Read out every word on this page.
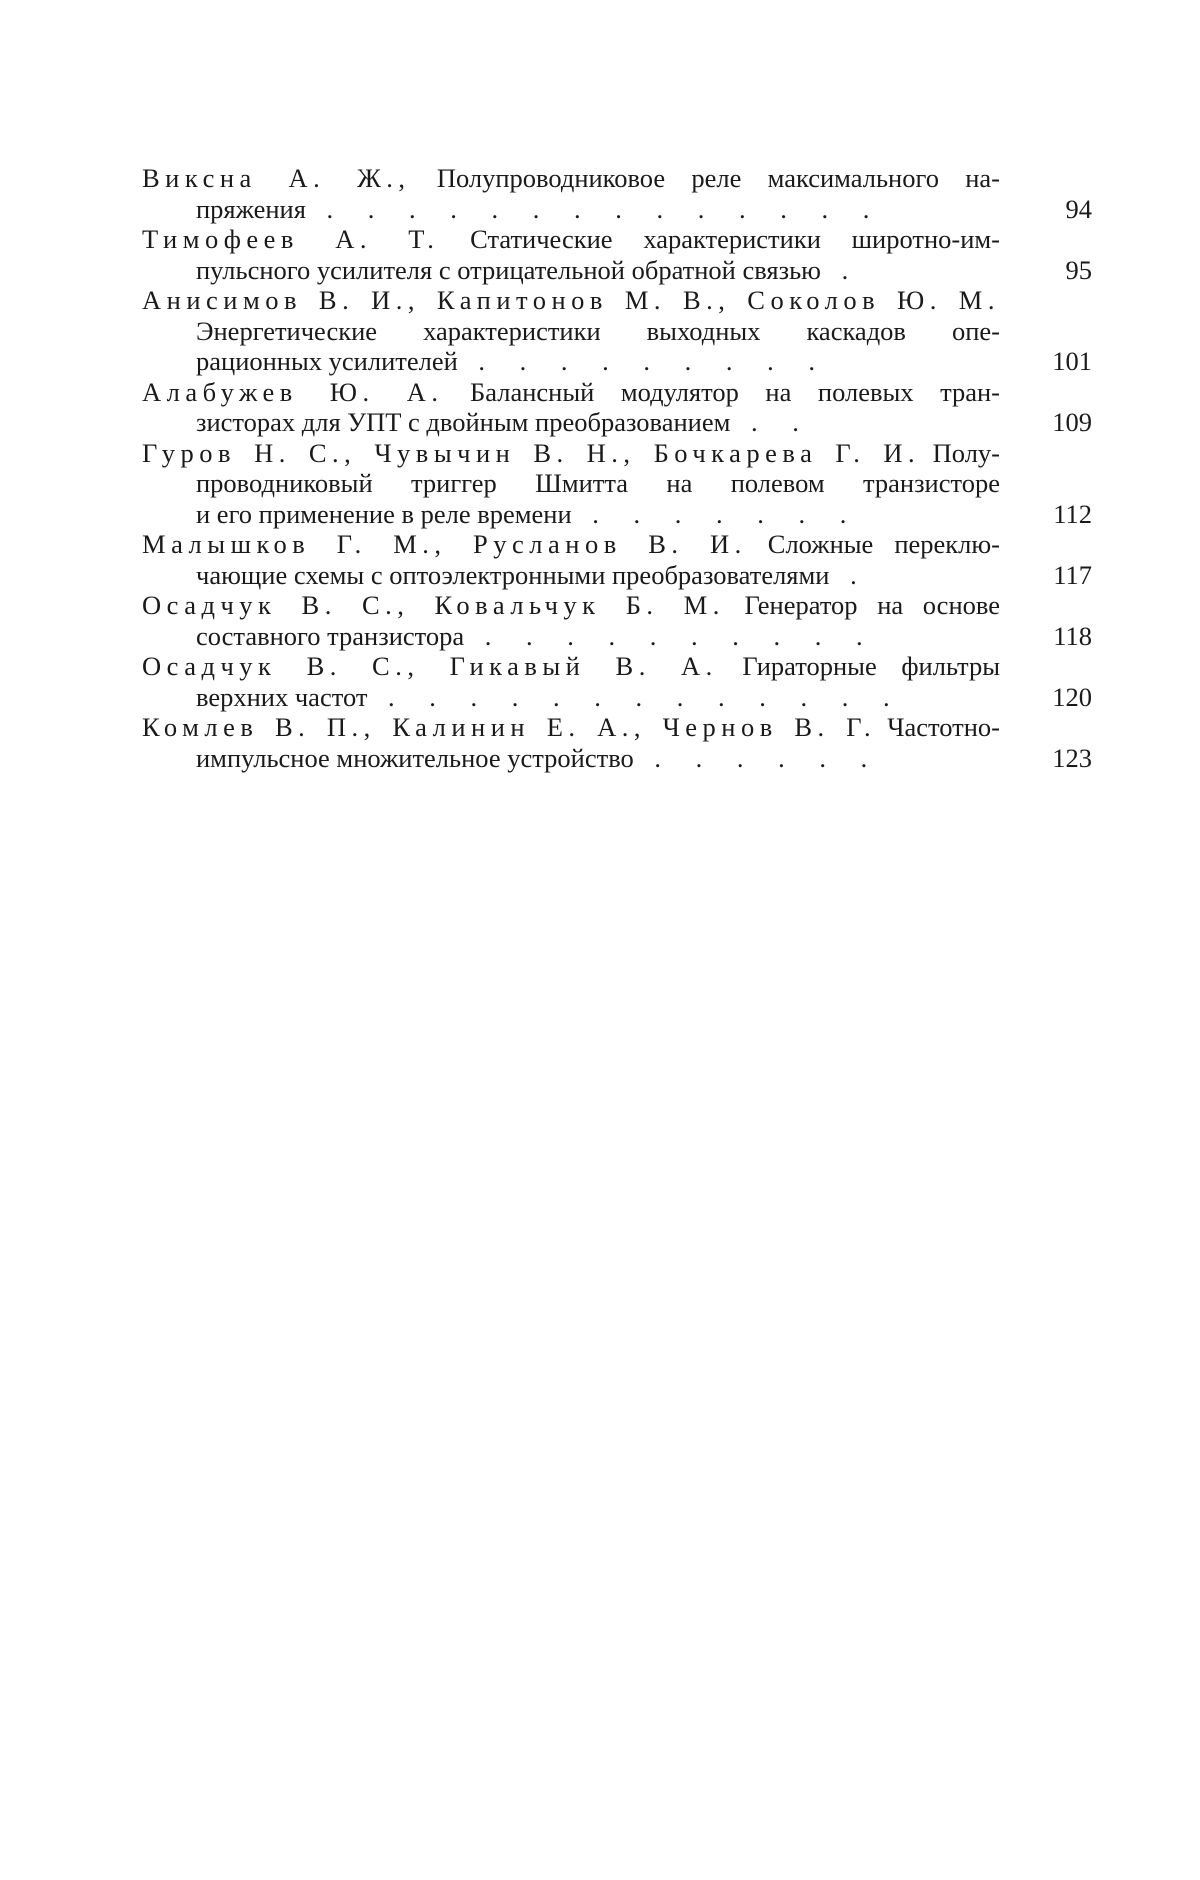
Виксна А. Ж., Полупроводниковое реле максимального на-
пряжения . . . . . . . . . . . . . .	94
Тимофеев А. Т. Статические характеристики широтно-им-
пульсного усилителя с отрицательной обратной связью .	95
Анисимов В. И., Капитонов М. В., Соколов Ю. М.
Энергетические характеристики выходных каскадов опе-
рационных усилителей . . . . . . . . .	101
Алабужев Ю. А. Балансный модулятор на полевых тран-
зисторах для УПТ с двойным преобразованием . .	109
Гуров Н. С., Чувычин В. Н., Бочкарева Г. И. Полу-
проводниковый триггер Шмитта на полевом транзисторе
и его применение в реле времени . . . . . . .	112
Малышков Г. М., Русланов В. И. Сложные переклю-
чающие схемы с оптоэлектронными преобразователями .	117
Осадчук В. С., Ковальчук Б. М. Генератор на основе
составного транзистора . . . . . . . . . .	118
Осадчук В. С., Гикавый В. А. Гираторные фильтры
верхних частот . . . . . . . . . . . . .	120
Комлев В. П., Калинин Е. А., Чернов В. Г. Частотно-
импульсное множительное устройство . . . . . .	123
